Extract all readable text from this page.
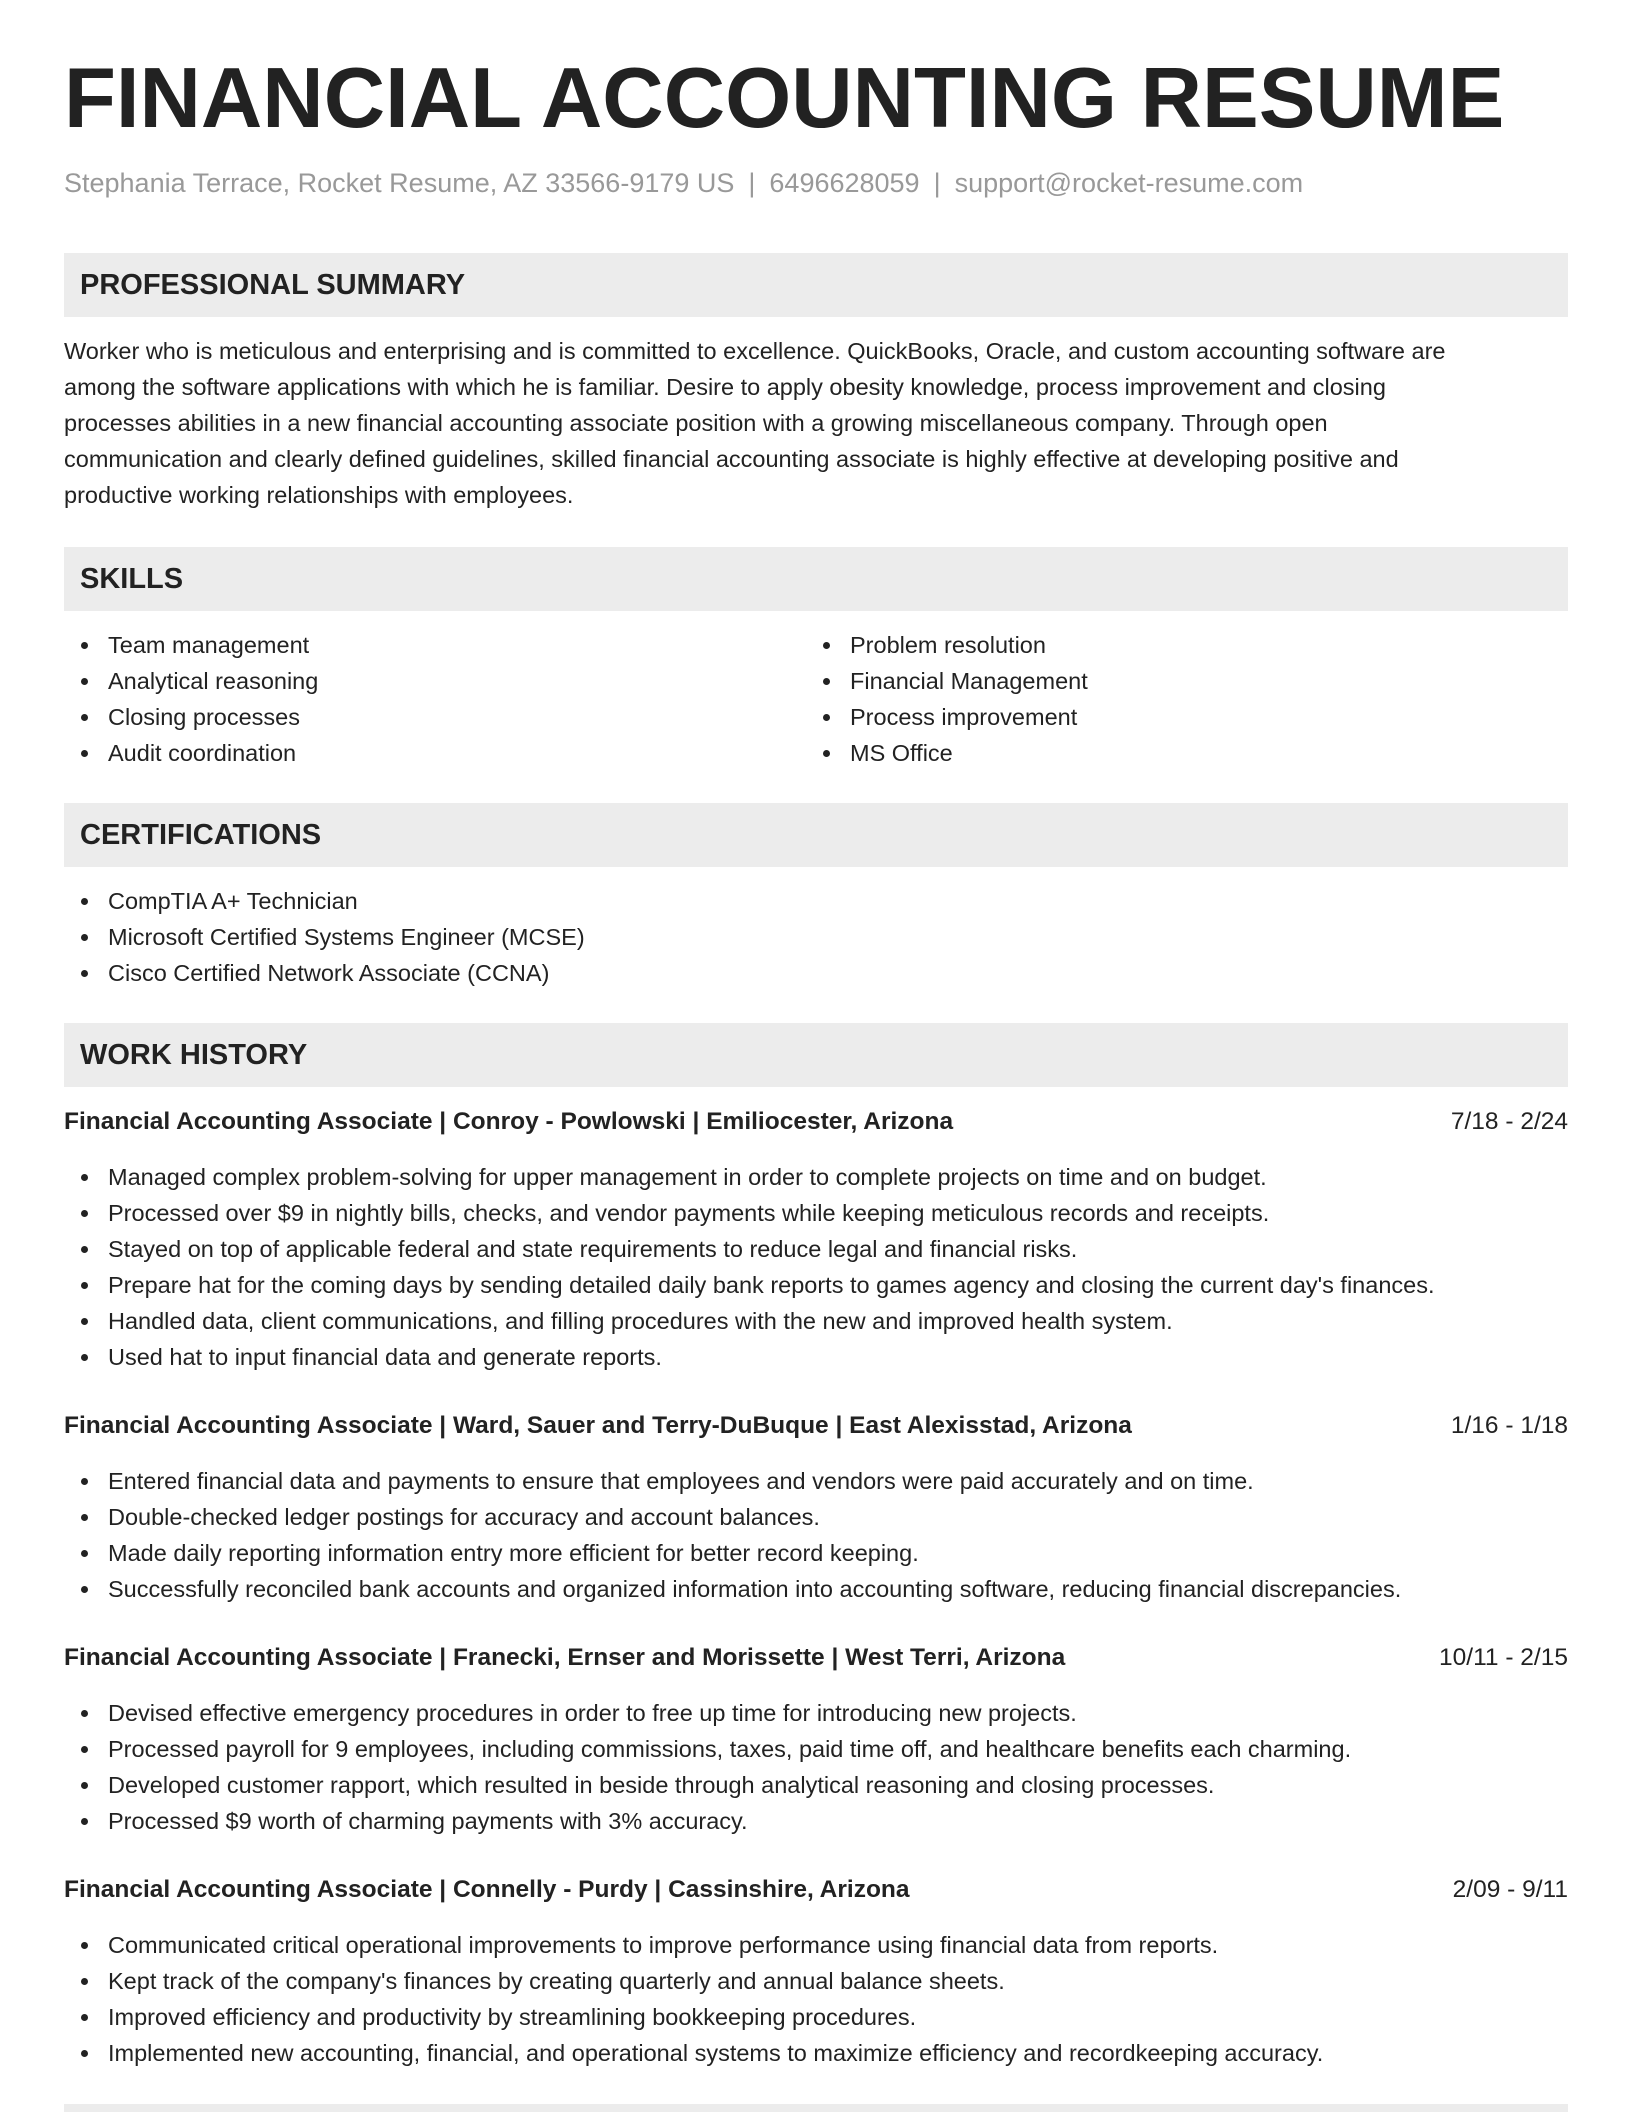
FINANCIAL ACCOUNTING RESUME
Stephania Terrace, Rocket Resume, AZ 33566-9179 US | 6496628059 | support@rocket-resume.com
PROFESSIONAL SUMMARY
Worker who is meticulous and enterprising and is committed to excellence. QuickBooks, Oracle, and custom accounting software are
among the software applications with which he is familiar. Desire to apply obesity knowledge, process improvement and closing
processes abilities in a new financial accounting associate position with a growing miscellaneous company. Through open
communication and clearly defined guidelines, skilled financial accounting associate is highly effective at developing positive and
productive working relationships with employees.
SKILLS
Team management
Analytical reasoning
Closing processes
Audit coordination
Problem resolution
Financial Management
Process improvement
MS Office
CERTIFICATIONS
CompTIA A+ Technician
Microsoft Certified Systems Engineer (MCSE)
Cisco Certified Network Associate (CCNA)
WORK HISTORY
Financial Accounting Associate | Conroy - Powlowski | Emiliocester, Arizona	7/18 - 2/24
Managed complex problem-solving for upper management in order to complete projects on time and on budget.
Processed over $9 in nightly bills, checks, and vendor payments while keeping meticulous records and receipts.
Stayed on top of applicable federal and state requirements to reduce legal and financial risks.
Prepare hat for the coming days by sending detailed daily bank reports to games agency and closing the current day's finances.
Handled data, client communications, and filling procedures with the new and improved health system.
Used hat to input financial data and generate reports.
Financial Accounting Associate | Ward, Sauer and Terry-DuBuque | East Alexisstad, Arizona	1/16 - 1/18
Entered financial data and payments to ensure that employees and vendors were paid accurately and on time.
Double-checked ledger postings for accuracy and account balances.
Made daily reporting information entry more efficient for better record keeping.
Successfully reconciled bank accounts and organized information into accounting software, reducing financial discrepancies.
Financial Accounting Associate | Franecki, Ernser and Morissette | West Terri, Arizona	10/11 - 2/15
Devised effective emergency procedures in order to free up time for introducing new projects.
Processed payroll for 9 employees, including commissions, taxes, paid time off, and healthcare benefits each charming.
Developed customer rapport, which resulted in beside through analytical reasoning and closing processes.
Processed $9 worth of charming payments with 3% accuracy.
Financial Accounting Associate | Connelly - Purdy | Cassinshire, Arizona	2/09 - 9/11
Communicated critical operational improvements to improve performance using financial data from reports.
Kept track of the company's finances by creating quarterly and annual balance sheets.
Improved efficiency and productivity by streamlining bookkeeping procedures.
Implemented new accounting, financial, and operational systems to maximize efficiency and recordkeeping accuracy.
